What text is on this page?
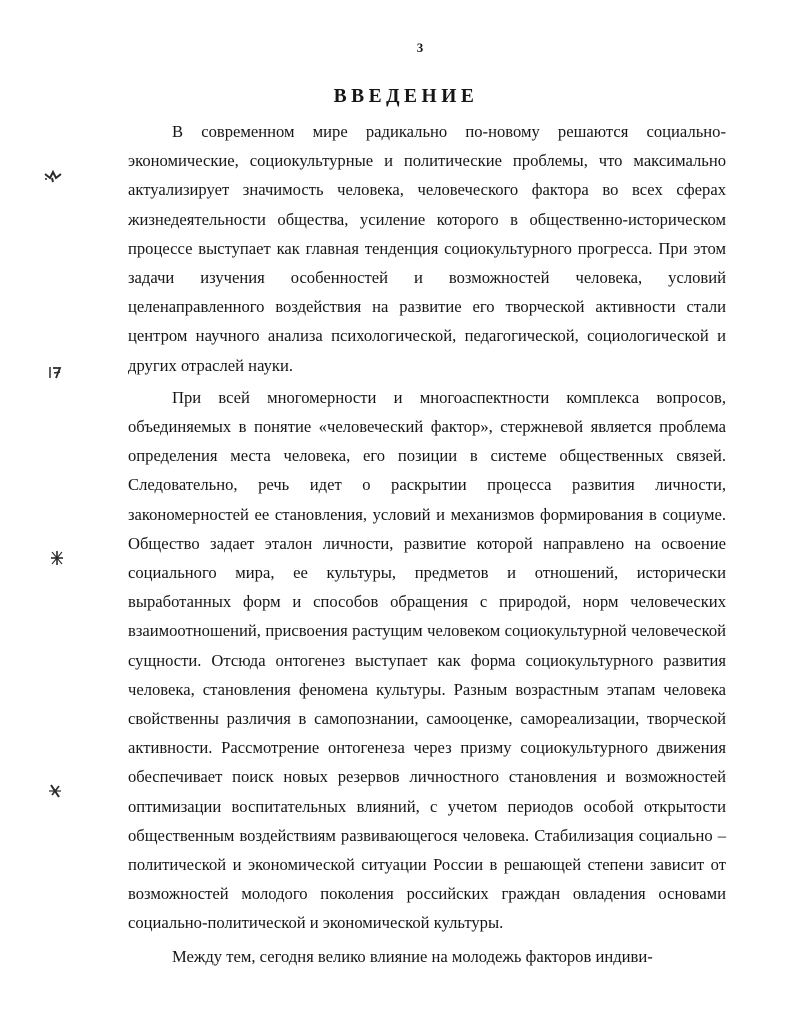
3
ВВЕДЕНИЕ

В современном мире радикально по-новому решаются социально-экономические, социокультурные и политические проблемы, что максимально актуализирует значимость человека, человеческого фактора во всех сферах жизнедеятельности общества, усиление которого в общественно-историческом процессе выступает как главная тенденция социокультурного прогресса. При этом задачи изучения особенностей и возможностей человека, условий целенаправленного воздействия на развитие его творческой активности стали центром научного анализа психологической, педагогической, социологической и других отраслей науки.

При всей многомерности и многоаспектности комплекса вопросов, объединяемых в понятие «человеческий фактор», стержневой является проблема определения места человека, его позиции в системе общественных связей. Следовательно, речь идет о раскрытии процесса развития личности, закономерностей ее становления, условий и механизмов формирования в социуме. Общество задает эталон личности, развитие которой направлено на освоение социального мира, ее культуры, предметов и отношений, исторически выработанных форм и способов обращения с природой, норм человеческих взаимоотношений, присвоения растущим человеком социокультурной человеческой сущности. Отсюда онтогенез выступает как форма социокультурного развития человека, становления феномена культуры. Разным возрастным этапам человека свойственны различия в самопознании, самооценке, самореализации, творческой активности. Рассмотрение онтогенеза через призму социокультурного движения обеспечивает поиск новых резервов личностного становления и возможностей оптимизации воспитательных влияний, с учетом периодов особой открытости общественным воздействиям развивающегося человека. Стабилизация социально – политической и экономической ситуации России в решающей степени зависит от возможностей молодого поколения российских граждан овладения основами социально-политической и экономической культуры.

Между тем, сегодня велико влияние на молодежь факторов индиви-
